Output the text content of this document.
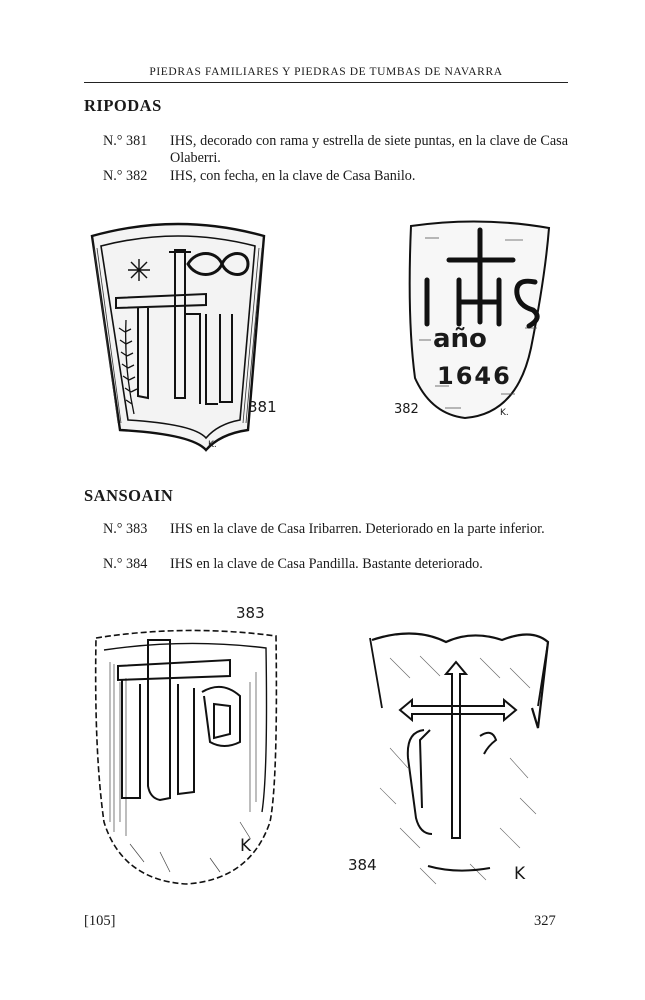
PIEDRAS FAMILIARES Y PIEDRAS DE TUMBAS DE NAVARRA
RIPODAS
N.° 381	IHS, decorado con rama y estrella de siete puntas, en la clave de Casa Olaberri.
N.° 382	IHS, con fecha, en la clave de Casa Banilo.
381
K.
año
1646
382	K.
SANSOAIN
N.° 383	IHS en la clave de Casa Iribarren. Deteriorado en la parte inferior.
N.° 384	IHS en la clave de Casa Pandilla. Bastante deteriorado.
383
K
384	K
[105]	327
